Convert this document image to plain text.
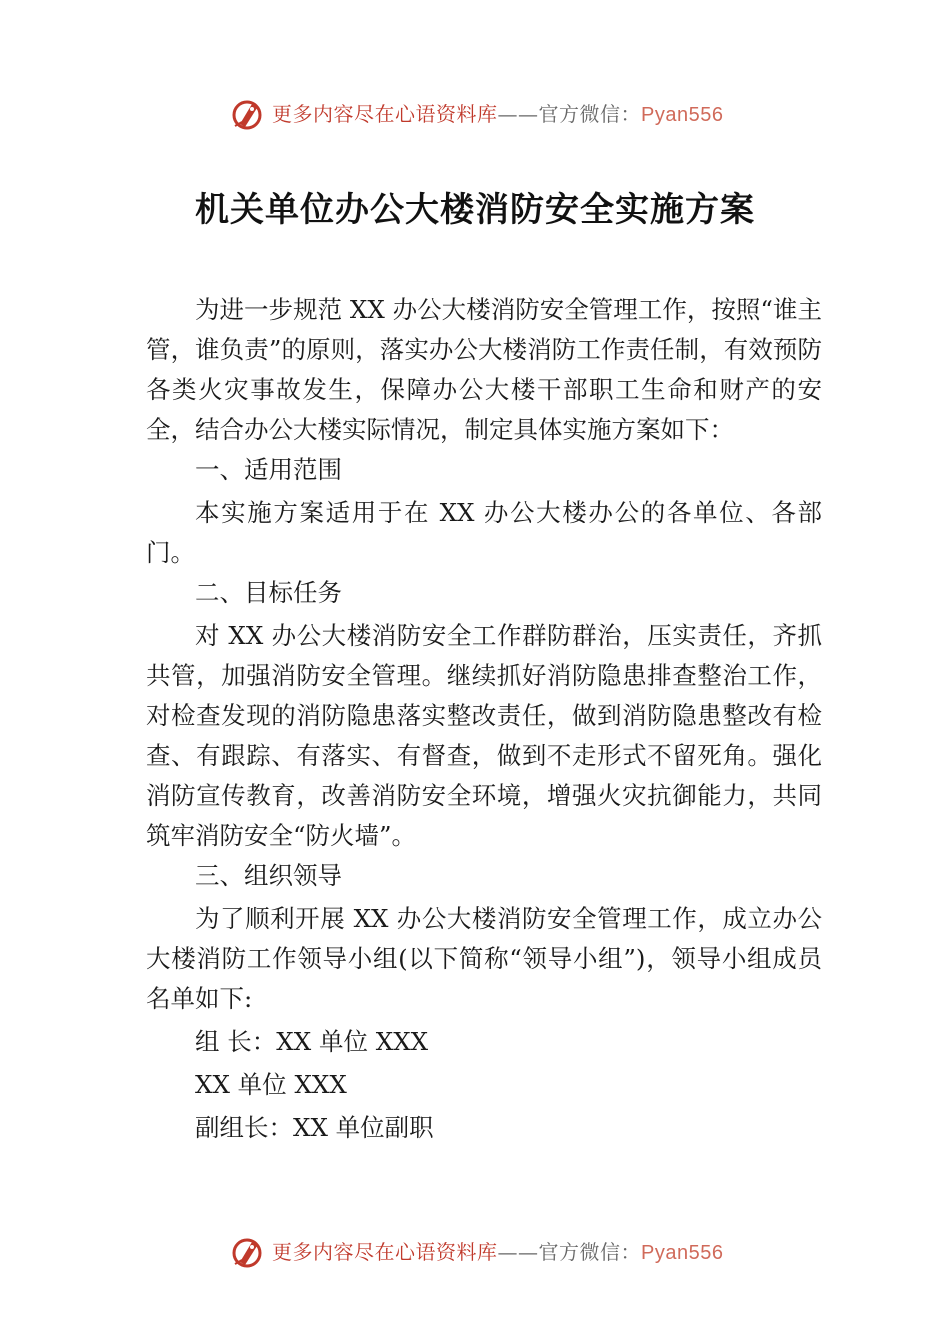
更多内容尽在心语资料库——官方微信：Pyan556
机关单位办公大楼消防安全实施方案

为进一步规范 XX 办公大楼消防安全管理工作，按照“谁主管，谁负责”的原则，落实办公大楼消防工作责任制，有效预防各类火灾事故发生，保障办公大楼干部职工生命和财产的安全，结合办公大楼实际情况，制定具体实施方案如下：

一、适用范围

本实施方案适用于在 XX 办公大楼办公的各单位、各部门。

二、目标任务

对 XX 办公大楼消防安全工作群防群治，压实责任，齐抓共管，加强消防安全管理。继续抓好消防隐患排查整治工作，对检查发现的消防隐患落实整改责任，做到消防隐患整改有检查、有跟踪、有落实、有督查，做到不走形式不留死角。强化消防宣传教育，改善消防安全环境，增强火灾抗御能力，共同筑牢消防安全“防火墙”。

三、组织领导

为了顺利开展 XX 办公大楼消防安全管理工作，成立办公大楼消防工作领导小组(以下简称“领导小组”)，领导小组成员名单如下:

组 长：XX 单位 XXX

XX 单位 XXX

副组长：XX 单位副职

更多内容尽在心语资料库——官方微信：Pyan556
